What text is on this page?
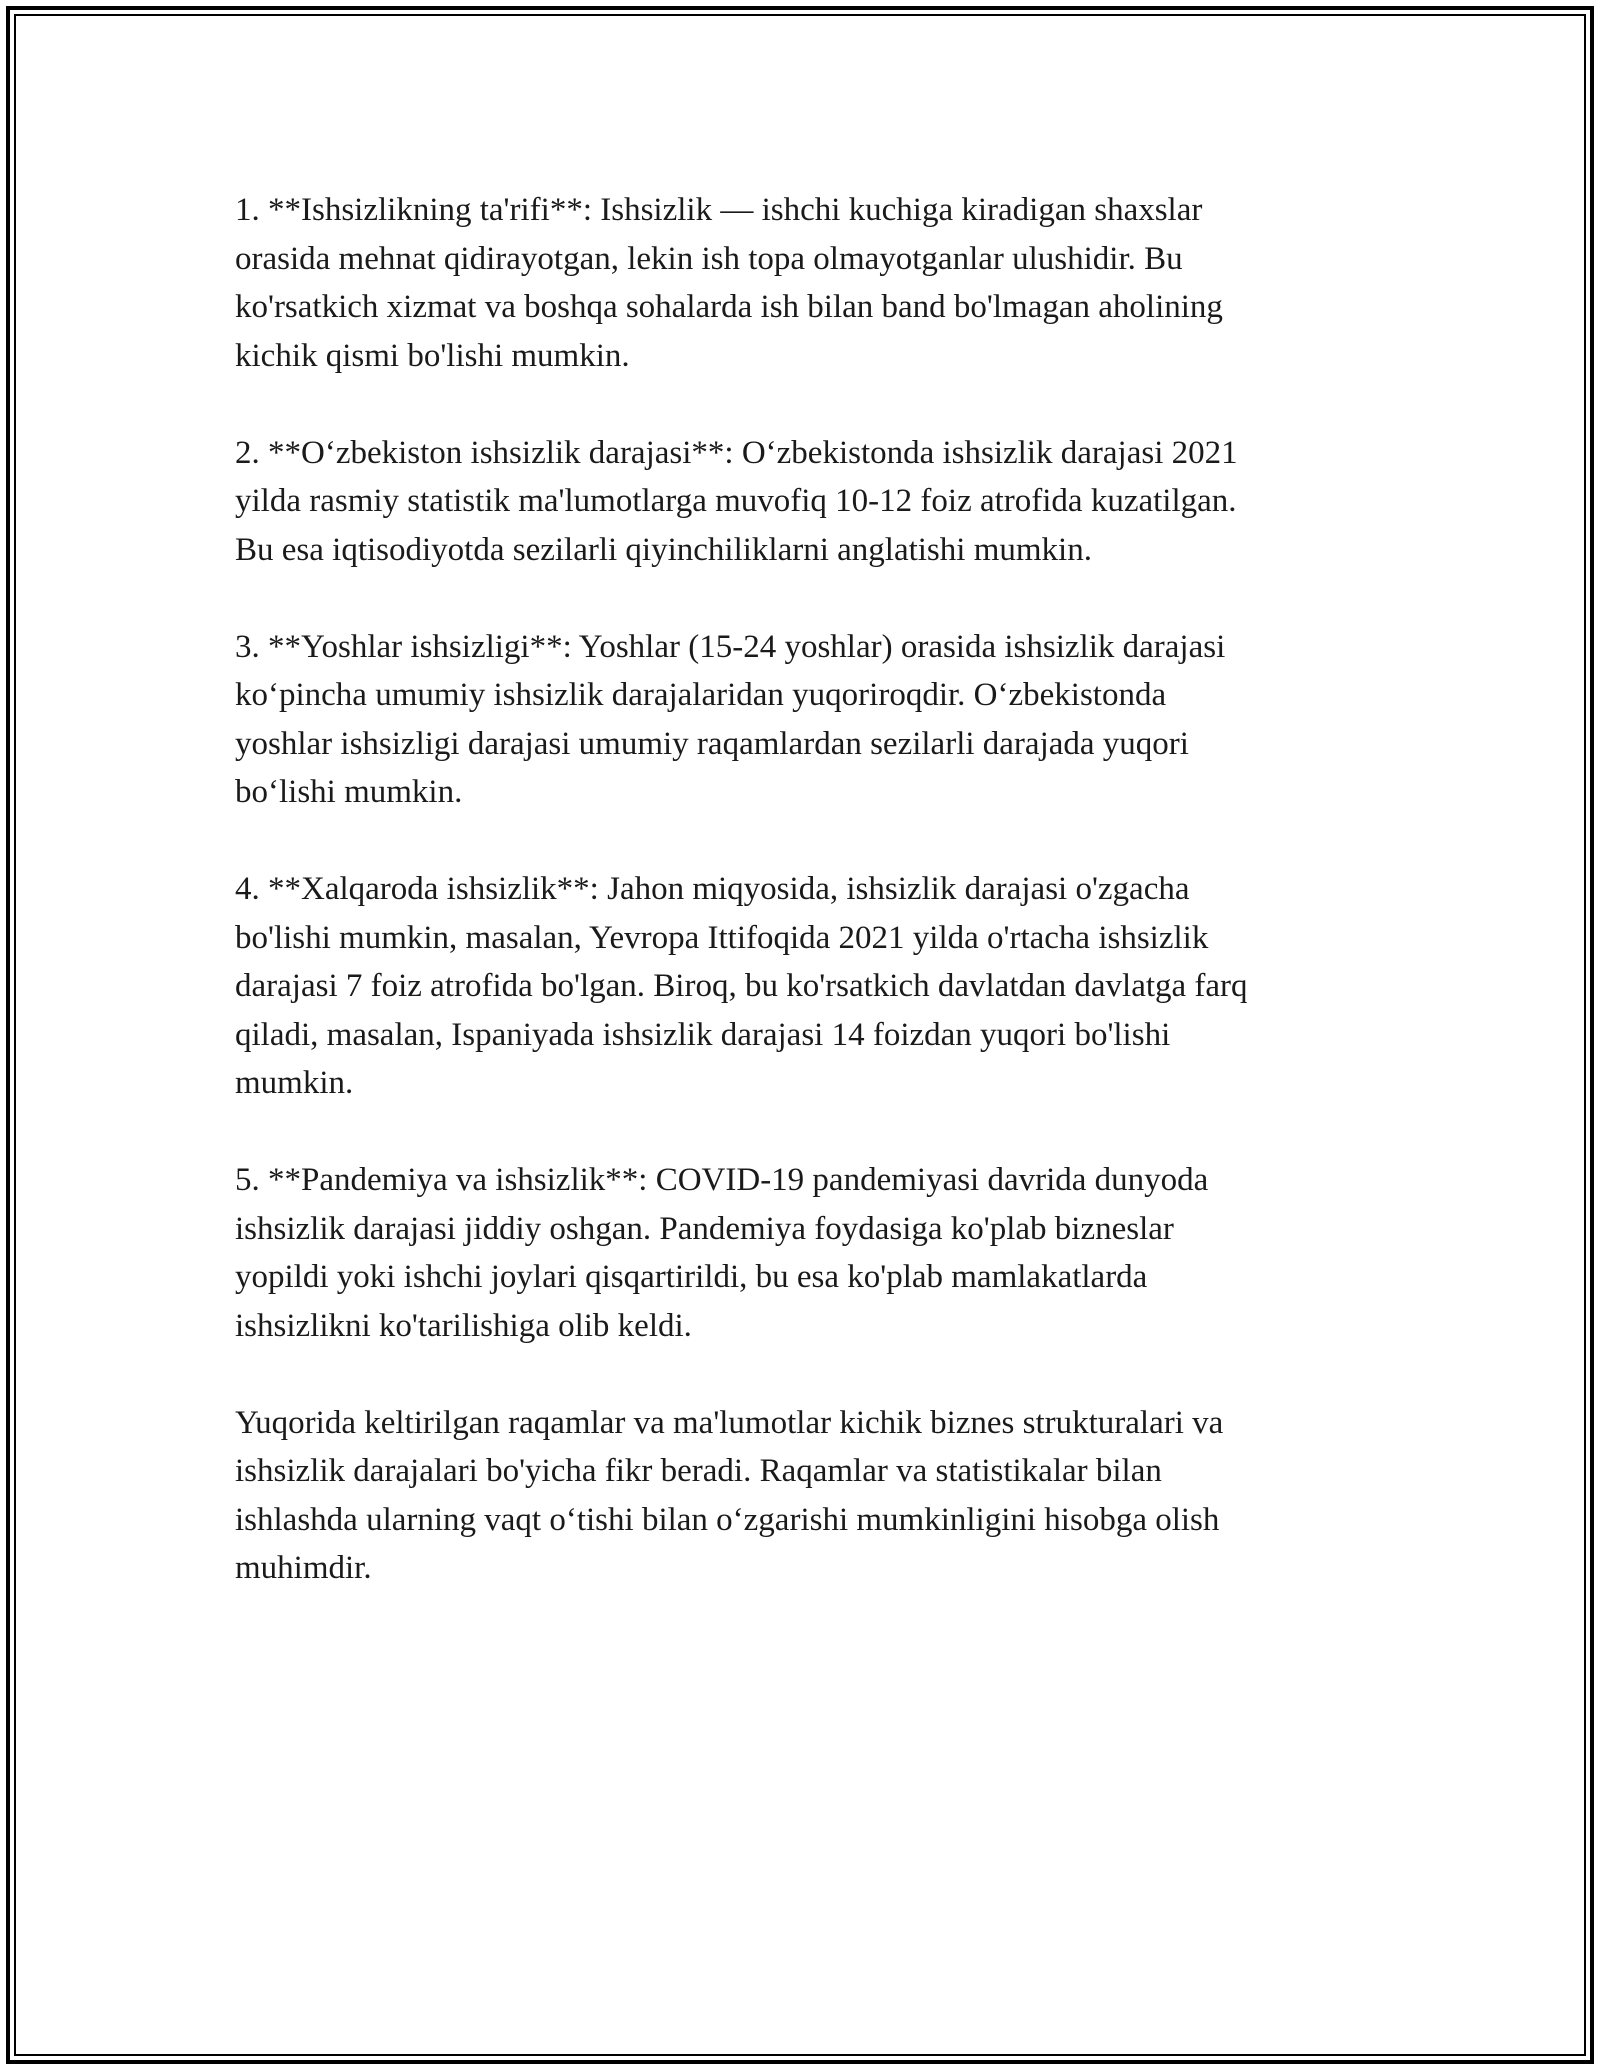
1. **Ishsizlikning ta'rifi**: Ishsizlik — ishchi kuchiga kiradigan shaxslar
orasida mehnat qidirayotgan, lekin ish topa olmayotganlar ulushidir. Bu
ko'rsatkich xizmat va boshqa sohalarda ish bilan band bo'lmagan aholining
kichik qismi bo'lishi mumkin.

2. **O‘zbekiston ishsizlik darajasi**: O‘zbekistonda ishsizlik darajasi 2021
yilda rasmiy statistik ma'lumotlarga muvofiq 10-12 foiz atrofida kuzatilgan.
Bu esa iqtisodiyotda sezilarli qiyinchiliklarni anglatishi mumkin.

3. **Yoshlar ishsizligi**: Yoshlar (15-24 yoshlar) orasida ishsizlik darajasi
ko‘pincha umumiy ishsizlik darajalaridan yuqoriroqdir. O‘zbekistonda
yoshlar ishsizligi darajasi umumiy raqamlardan sezilarli darajada yuqori
bo‘lishi mumkin.

4. **Xalqaroda ishsizlik**: Jahon miqyosida, ishsizlik darajasi o'zgacha
bo'lishi mumkin, masalan, Yevropa Ittifoqida 2021 yilda o'rtacha ishsizlik
darajasi 7 foiz atrofida bo'lgan. Biroq, bu ko'rsatkich davlatdan davlatga farq
qiladi, masalan, Ispaniyada ishsizlik darajasi 14 foizdan yuqori bo'lishi
mumkin.

5. **Pandemiya va ishsizlik**: COVID-19 pandemiyasi davrida dunyoda
ishsizlik darajasi jiddiy oshgan. Pandemiya foydasiga ko'plab bizneslar
yopildi yoki ishchi joylari qisqartirildi, bu esa ko'plab mamlakatlarda
ishsizlikni ko'tarilishiga olib keldi.

Yuqorida keltirilgan raqamlar va ma'lumotlar kichik biznes strukturalari va
ishsizlik darajalari bo'yicha fikr beradi. Raqamlar va statistikalar bilan
ishlashda ularning vaqt o‘tishi bilan o‘zgarishi mumkinligini hisobga olish
muhimdir.
